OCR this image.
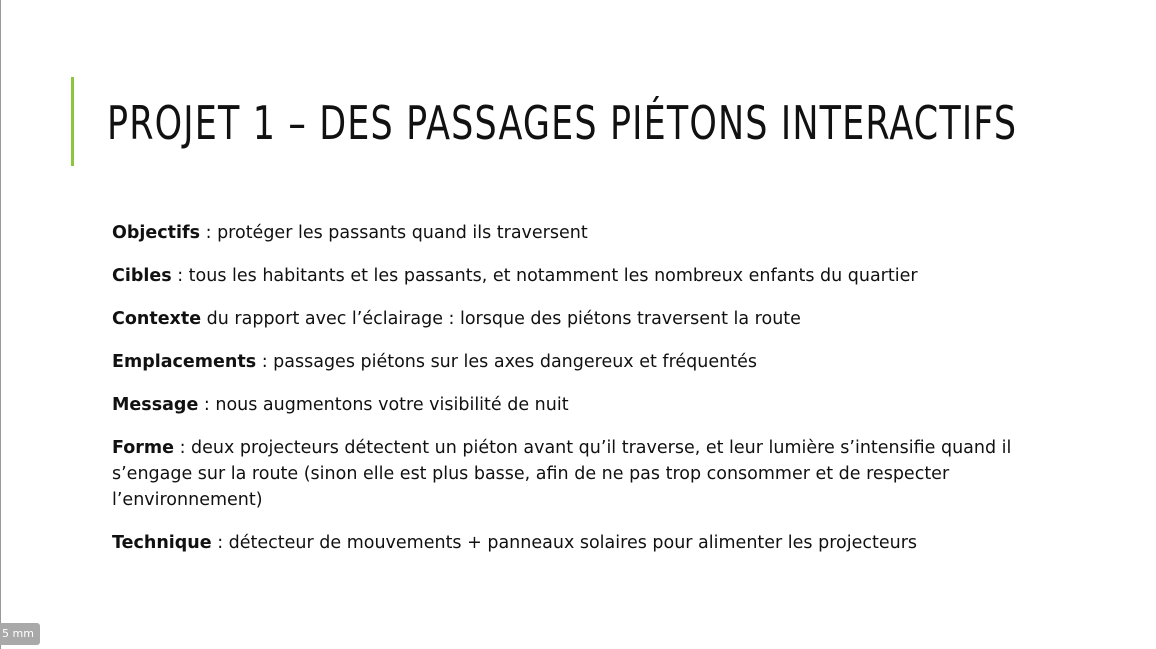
PROJET 1 – DES PASSAGES PIÉTONS INTERACTIFS

Objectifs : protéger les passants quand ils traversent

Cibles : tous les habitants et les passants, et notamment les nombreux enfants du quartier

Contexte du rapport avec l’éclairage : lorsque des piétons traversent la route

Emplacements : passages piétons sur les axes dangereux et fréquentés

Message : nous augmentons votre visibilité de nuit

Forme : deux projecteurs détectent un piéton avant qu’il traverse, et leur lumière s’intensifie quand il s’engage sur la route (sinon elle est plus basse, afin de ne pas trop consommer et de respecter l’environnement)

Technique : détecteur de mouvements + panneaux solaires pour alimenter les projecteurs

5 mm
